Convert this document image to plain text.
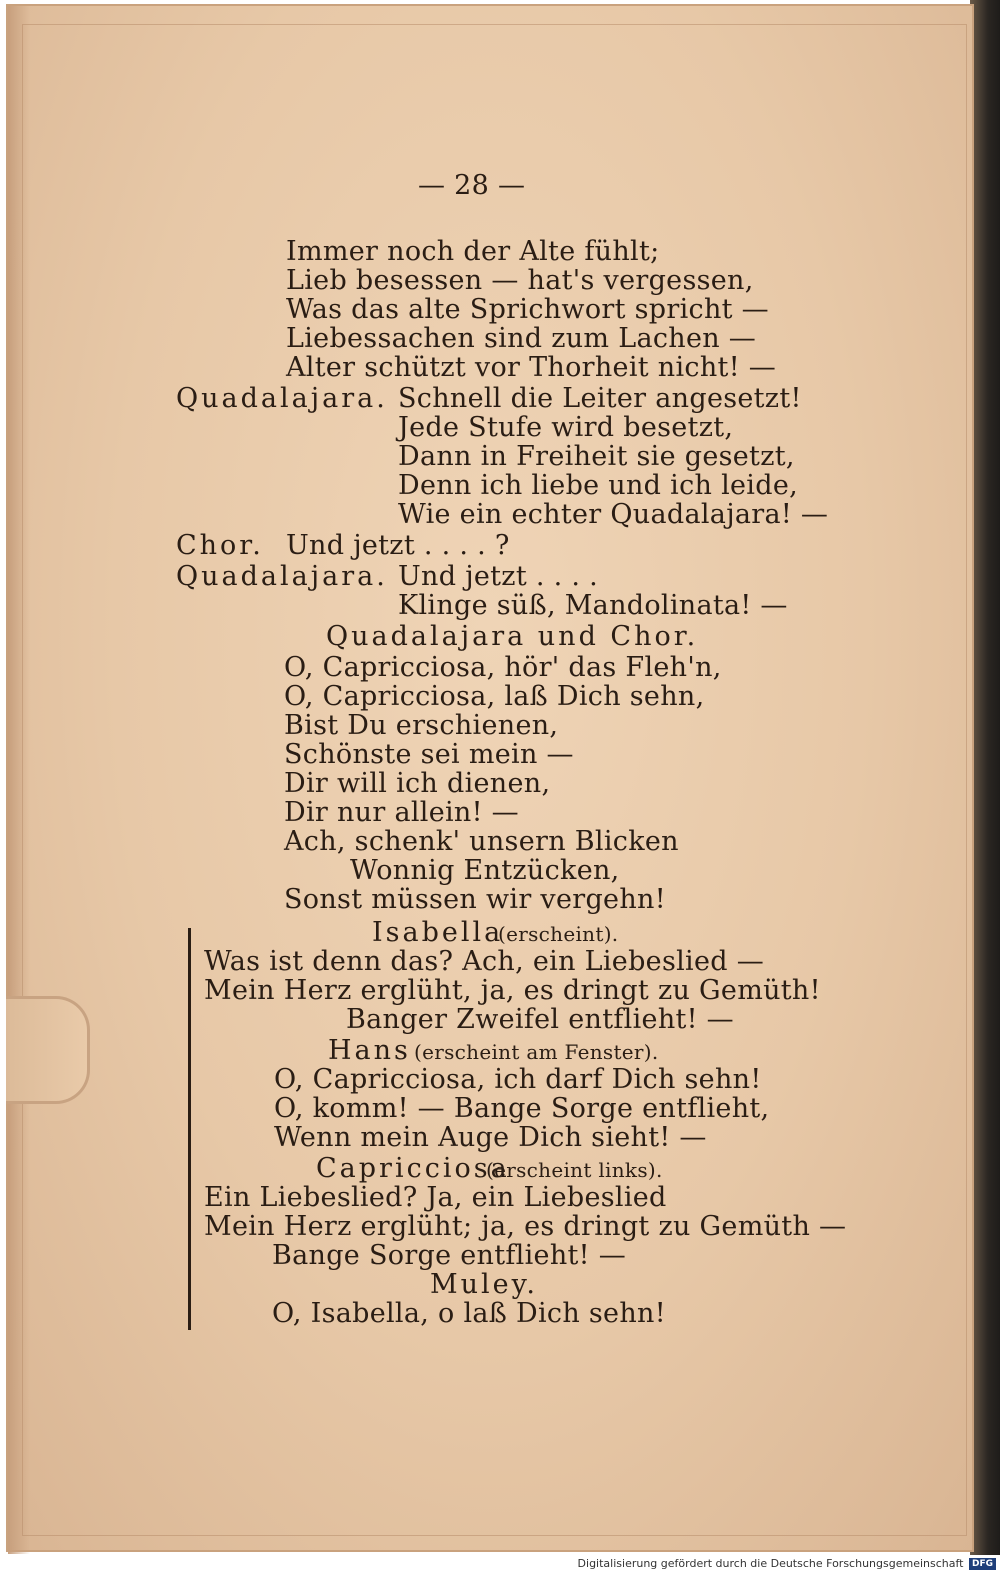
— 28 —
Immer noch der Alte fühlt;
Lieb besessen — hat's vergessen,
Was das alte Sprichwort spricht —
Liebessachen sind zum Lachen —
Alter schützt vor Thorheit nicht! —
Quadalajara. Schnell die Leiter angesetzt!
Jede Stufe wird besetzt,
Dann in Freiheit sie gesetzt,
Denn ich liebe und ich leide,
Wie ein echter Quadalajara! —
Chor. Und jetzt . . . . ?
Quadalajara. Und jetzt . . . .
Klinge süß, Mandolinata! —
Quadalajara und Chor.
O, Capricciosa, hör' das Fleh'n,
O, Capricciosa, laß Dich sehn,
Bist Du erschienen,
Schönste sei mein —
Dir will ich dienen,
Dir nur allein! —
Ach, schenk' unsern Blicken
Wonnig Entzücken,
Sonst müssen wir vergehn!
Isabella
(erscheint).
Was ist denn das? Ach, ein Liebeslied —
Mein Herz erglüht, ja, es dringt zu Gemüth!
Banger Zweifel entflieht! —
Hans (erscheint am Fenster).
O, Capricciosa, ich darf Dich sehn!
O, komm! — Bange Sorge entflieht,
Wenn mein Auge Dich sieht! —
Capricciosa
(erscheint links).
Ein Liebeslied? Ja, ein Liebeslied
Mein Herz erglüht; ja, es dringt zu Gemüth —
Bange Sorge entflieht! —
Muley.
O, Isabella, o laß Dich sehn!
Digitalisierung gefördert durch die Deutsche Forschungsgemeinschaft DFG
